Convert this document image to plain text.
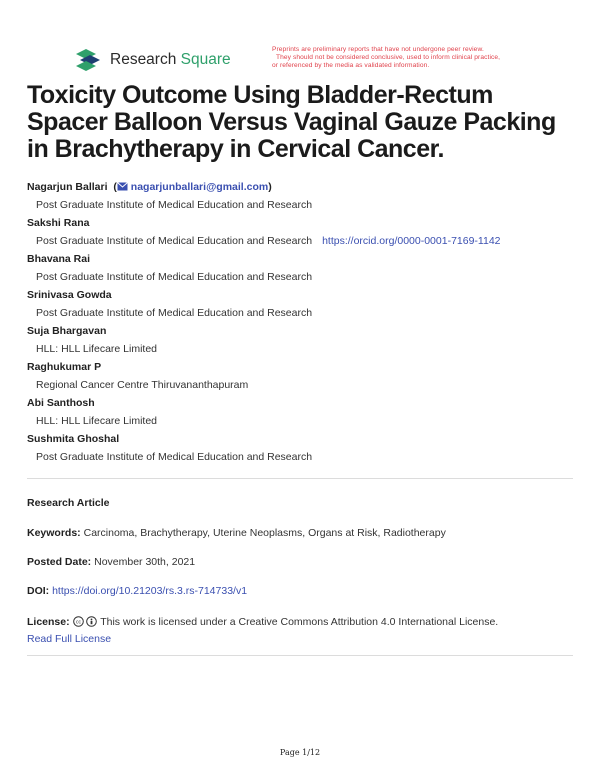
Research Square
Preprints are preliminary reports that have not undergone peer review.
They should not be considered conclusive, used to inform clinical practice,
or referenced by the media as validated information.
Toxicity Outcome Using Bladder-Rectum Spacer Balloon Versus Vaginal Gauze Packing in Brachytherapy in Cervical Cancer.
Nagarjun Ballari  ( nagarjunballari@gmail.com)
Post Graduate Institute of Medical Education and Research
Sakshi Rana
Post Graduate Institute of Medical Education and Research https://orcid.org/0000-0001-7169-1142
Bhavana Rai
Post Graduate Institute of Medical Education and Research
Srinivasa Gowda
Post Graduate Institute of Medical Education and Research
Suja Bhargavan
HLL: HLL Lifecare Limited
Raghukumar P
Regional Cancer Centre Thiruvananthapuram
Abi Santhosh
HLL: HLL Lifecare Limited
Sushmita Ghoshal
Post Graduate Institute of Medical Education and Research
Research Article
Keywords: Carcinoma, Brachytherapy, Uterine Neoplasms, Organs at Risk, Radiotherapy
Posted Date: November 30th, 2021
DOI: https://doi.org/10.21203/rs.3.rs-714733/v1
License: cc This work is licensed under a Creative Commons Attribution 4.0 International License.
Read Full License
Page 1/12
